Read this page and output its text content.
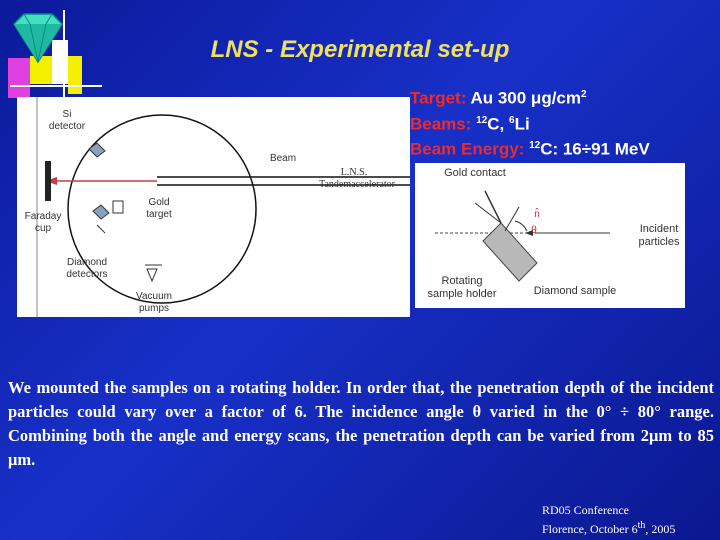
LNS - Experimental set-up
Si
detector
Beam
L.N.S.
Tandemaccelerator
Faraday
cup
Gold
target
Diamond
detectors
Vacuum
pumps
Gold contact
n̂
θ	Incident
particles
Rotating
sample holder	Diamond sample
Target: Au 300 $\mu g/cm^2$
Beams: $^{12}$C, $^6$Li
Beam Energy: $^{12}$C: 16÷91 MeV
We mounted the samples on a rotating holder. In order that, the penetration depth of the incident particles could vary over a factor of 6. The incidence angle θ varied in the 0° ÷ 80° range. Combining both the angle and energy scans, the penetration depth can be varied from 2μm to 85 μm.
RD05 Conference
Florence, October 6th, 2005
